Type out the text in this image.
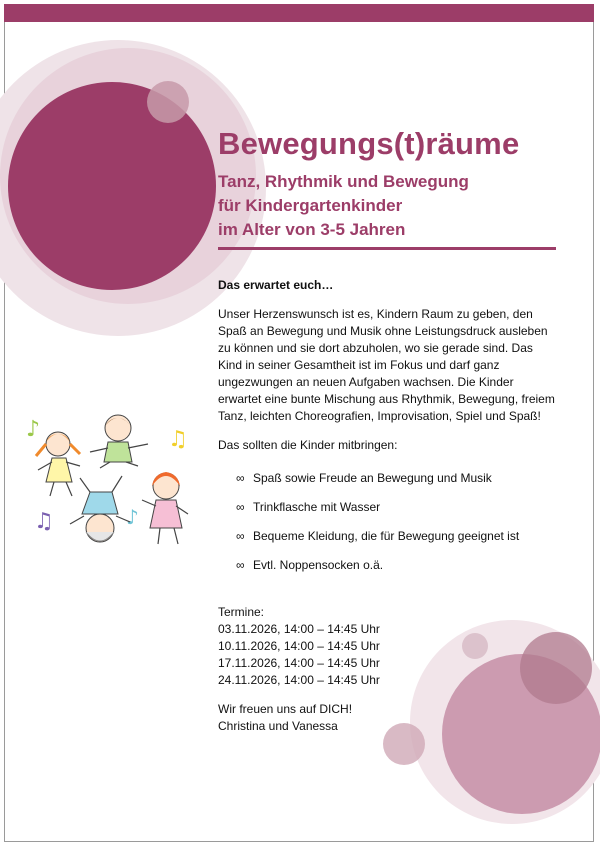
♪	♫
♫	♪
Bewegungs(t)räume
Tanz, Rhythmik und Bewegung
für Kindergartenkinder
im Alter von 3-5 Jahren

Das erwartet euch…

Unser Herzenswunsch ist es, Kindern Raum zu geben, den Spaß an Bewegung und Musik ohne Leistungsdruck ausleben zu können und sie dort abzuholen, wo sie gerade sind. Das Kind in seiner Gesamtheit ist im Fokus und darf ganz ungezwungen an neuen Aufgaben wachsen. Die Kinder erwartet eine bunte Mischung aus Rhythmik, Bewegung, freiem Tanz, leichten Choreografien, Improvisation, Spiel und Spaß!

Das sollten die Kinder mitbringen:

∞ Spaß sowie Freude an Bewegung und Musik
∞ Trinkflasche mit Wasser
∞ Bequeme Kleidung, die für Bewegung geeignet ist
∞ Evtl. Noppensocken o.ä.

Termine:

03.11.2026, 14:00 – 14:45 Uhr

10.11.2026, 14:00 – 14:45 Uhr

17.11.2026, 14:00 – 14:45 Uhr

24.11.2026, 14:00 – 14:45 Uhr

Wir freuen uns auf DICH!

Christina und Vanessa
